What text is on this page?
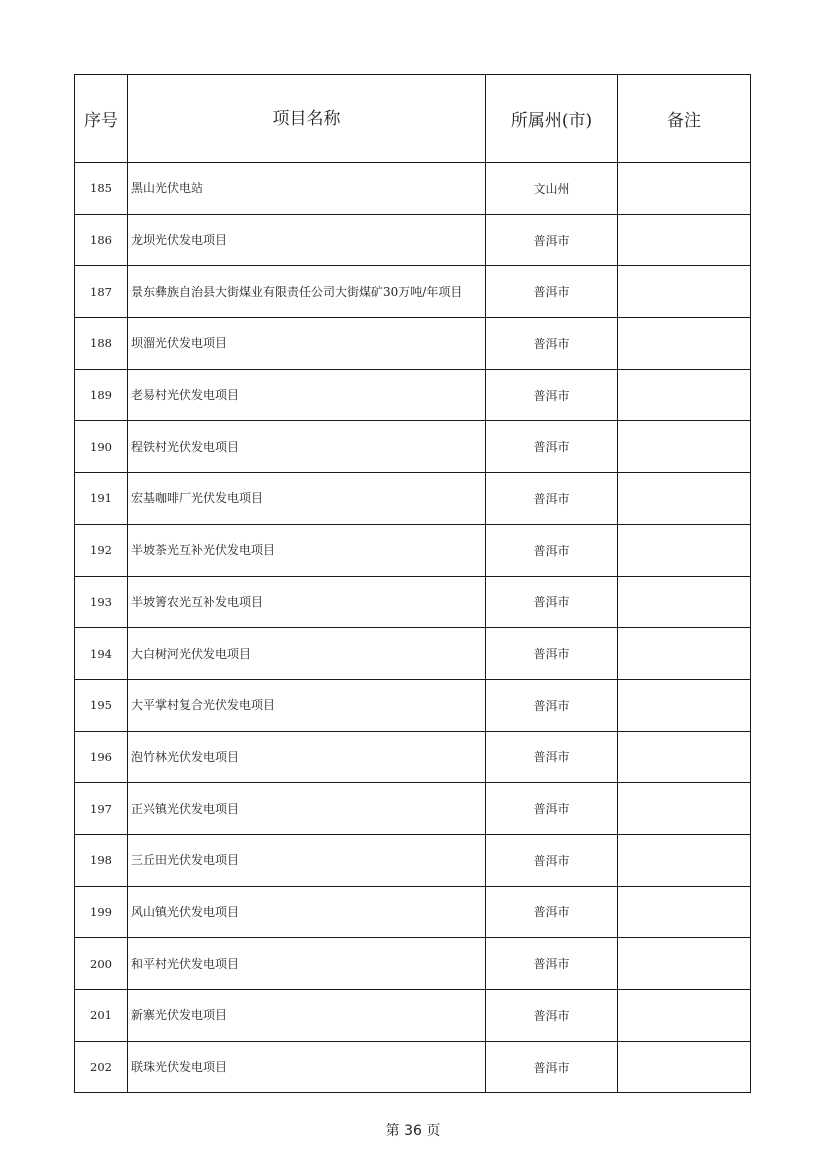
序号	项目名称	所属州(市)	备注
185	黑山光伏电站	文山州	
186	龙坝光伏发电项目	普洱市	
187	景东彝族自治县大街煤业有限责任公司大街煤矿30万吨/年项目	普洱市	
188	坝溜光伏发电项目	普洱市	
189	老易村光伏发电项目	普洱市	
190	程铁村光伏发电项目	普洱市	
191	宏基咖啡厂光伏发电项目	普洱市	
192	半坡茶光互补光伏发电项目	普洱市	
193	半坡箐农光互补发电项目	普洱市	
194	大白树河光伏发电项目	普洱市	
195	大平掌村复合光伏发电项目	普洱市	
196	泡竹林光伏发电项目	普洱市	
197	正兴镇光伏发电项目	普洱市	
198	三丘田光伏发电项目	普洱市	
199	风山镇光伏发电项目	普洱市	
200	和平村光伏发电项目	普洱市	
201	新寨光伏发电项目	普洱市	
202	联珠光伏发电项目	普洱市	
第 36 页
